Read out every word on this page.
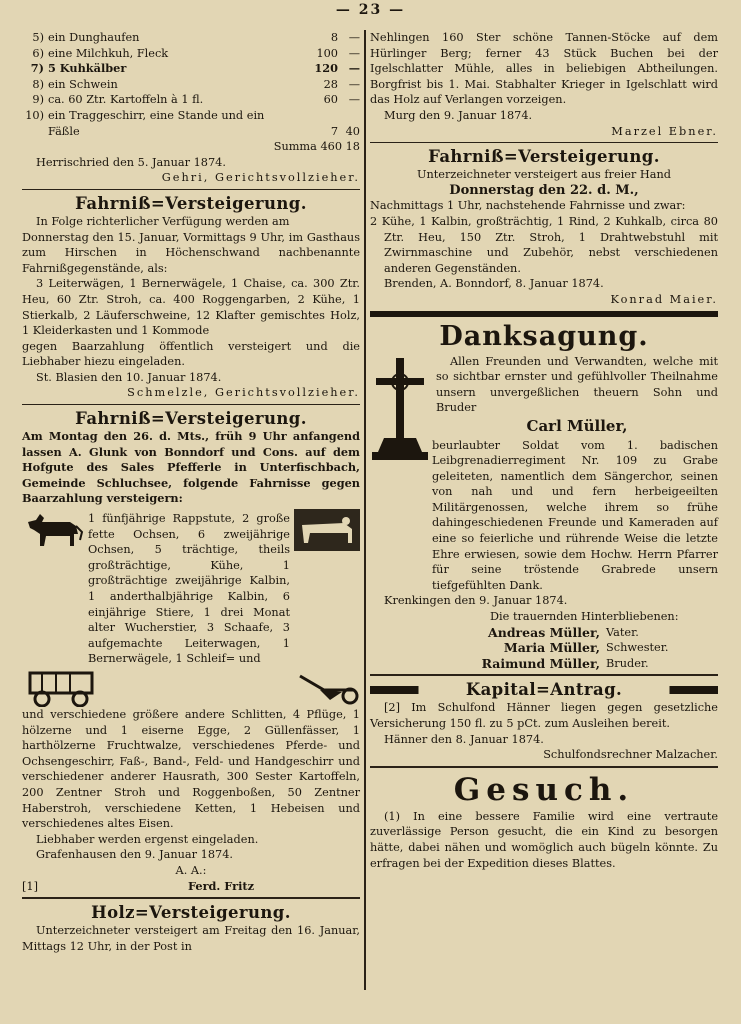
— 23 —
5) ein Dunghaufen	8 —
6) eine Milchkuh, Fleck	100 —
7) 5 Kuhkälber	120 —
8) ein Schwein	28 —
9) ca. 60 Ztr. Kartoffeln à 1 fl.	60 —
10) ein Traggeschirr, eine Stande und ein Fäßle	7 40

Summa 460 18

Herrischried den 5. Januar 1874.

Gehri, Gerichtsvollzieher.

Fahrniß=Versteigerung.

In Folge richterlicher Verfügung werden am

Donnerstag den 15. Januar, Vormittags 9 Uhr, im Gasthaus zum Hirschen in Höchenschwand nachbenannte Fahrnißgegenstände, als:

3 Leiterwägen, 1 Bernerwägele, 1 Chaise, ca. 300 Ztr. Heu, 60 Ztr. Stroh, ca. 400 Roggengarben, 2 Kühe, 1 Stierkalb, 2 Läuferschweine, 12 Klafter gemischtes Holz, 1 Kleiderkasten und 1 Kommode

gegen Baarzahlung öffentlich versteigert und die Liebhaber hiezu eingeladen.

St. Blasien den 10. Januar 1874.

Schmelzle, Gerichtsvollzieher.

Fahrniß=Versteigerung.

Am Montag den 26. d. Mts., früh 9 Uhr anfangend lassen A. Glunk von Bonndorf und Cons. auf dem Hofgute des Sales Pfefferle in Unterfischbach, Gemeinde Schluchsee, folgende Fahrnisse gegen Baarzahlung versteigern:

1 fünfjährige Rappstute, 2 große fette Ochsen, 6 zweijährige Ochsen, 5 trächtige, theils großträchtige, Kühe, 1 großträchtige zweijährige Kalbin, 1 anderthalbjährige Kalbin, 6 einjährige Stiere, 1 drei Monat alter Wucherstier, 3 Schaafe, 3 aufgemachte Leiterwagen, 1 Bernerwägele, 1 Schleif= und

und verschiedene größere andere Schlitten, 4 Pflüge, 1 hölzerne und 1 eiserne Egge, 2 Güllenfässer, 1 harthölzerne Fruchtwalze, verschiedenes Pferde- und Ochsengeschirr, Faß-, Band-, Feld- und Handgeschirr und verschiedener anderer Hausrath, 300 Sester Kartoffeln, 200 Zentner Stroh und Roggenboßen, 50 Zentner Haberstroh, verschiedene Ketten, 1 Hebeisen und verschiedenes altes Eisen.

Liebhaber werden ergenst eingeladen.

Grafenhausen den 9. Januar 1874.

A. A.:

[1]	Ferd. Fritz
Holz=Versteigerung.

Unterzeichneter versteigert am Freitag den 16. Januar, Mittags 12 Uhr, in der Post in

Nehlingen 160 Ster schöne Tannen-Stöcke auf dem Hürlinger Berg; ferner 43 Stück Buchen bei der Igelschlatter Mühle, alles in beliebigen Abtheilungen. Borgfrist bis 1. Mai. Stabhalter Krieger in Igelschlatt wird das Holz auf Verlangen vorzeigen.

Murg den 9. Januar 1874.

Marzel Ebner.

Fahrniß=Versteigerung.

Unterzeichneter versteigert aus freier Hand

Donnerstag den 22. d. M.,

Nachmittags 1 Uhr, nachstehende Fahrnisse und zwar:

2 Kühe, 1 Kalbin, großträchtig, 1 Rind, 2 Kuhkalb, circa 80 Ztr. Heu, 150 Ztr. Stroh, 1 Drahtwebstuhl mit Zwirnmaschine und Zubehör, nebst verschiedenen anderen Gegenständen.

Brenden, A. Bonndorf, 8. Januar 1874.

Konrad Maier.

Danksagung.

Allen Freunden und Verwandten, welche mit so sichtbar ernster und gefühlvoller Theilnahme unsern unvergeßlichen theuern Sohn und Bruder

Carl Müller,

beurlaubter Soldat vom 1. badischen Leibgrenadierregiment Nr. 109 zu Grabe geleiteten, namentlich dem Sängerchor, seinen von nah und und fern herbeigeeilten Militärgenossen, welche ihrem so frühe dahingeschiedenen Freunde und Kameraden auf eine so feierliche und rührende Weise die letzte Ehre erwiesen, sowie dem Hochw. Herrn Pfarrer für seine tröstende Grabrede unsern tiefgefühlten Dank.

Krenkingen den 9. Januar 1874.

Die trauernden Hinterbliebenen:

Andreas Müller, Vater.
Maria Müller, Schwester.
Raimund Müller, Bruder.
Kapital=Antrag.

[2] Im Schulfond Hänner liegen gegen gesetzliche Versicherung 150 fl. zu 5 pCt. zum Ausleihen bereit.

Hänner den 8. Januar 1874.

Schulfondsrechner Malzacher.

Gesuch.

(1) In eine bessere Familie wird eine vertraute zuverlässige Person gesucht, die ein Kind zu besorgen hätte, dabei nähen und womöglich auch bügeln könnte. Zu erfragen bei der Expedition dieses Blattes.
